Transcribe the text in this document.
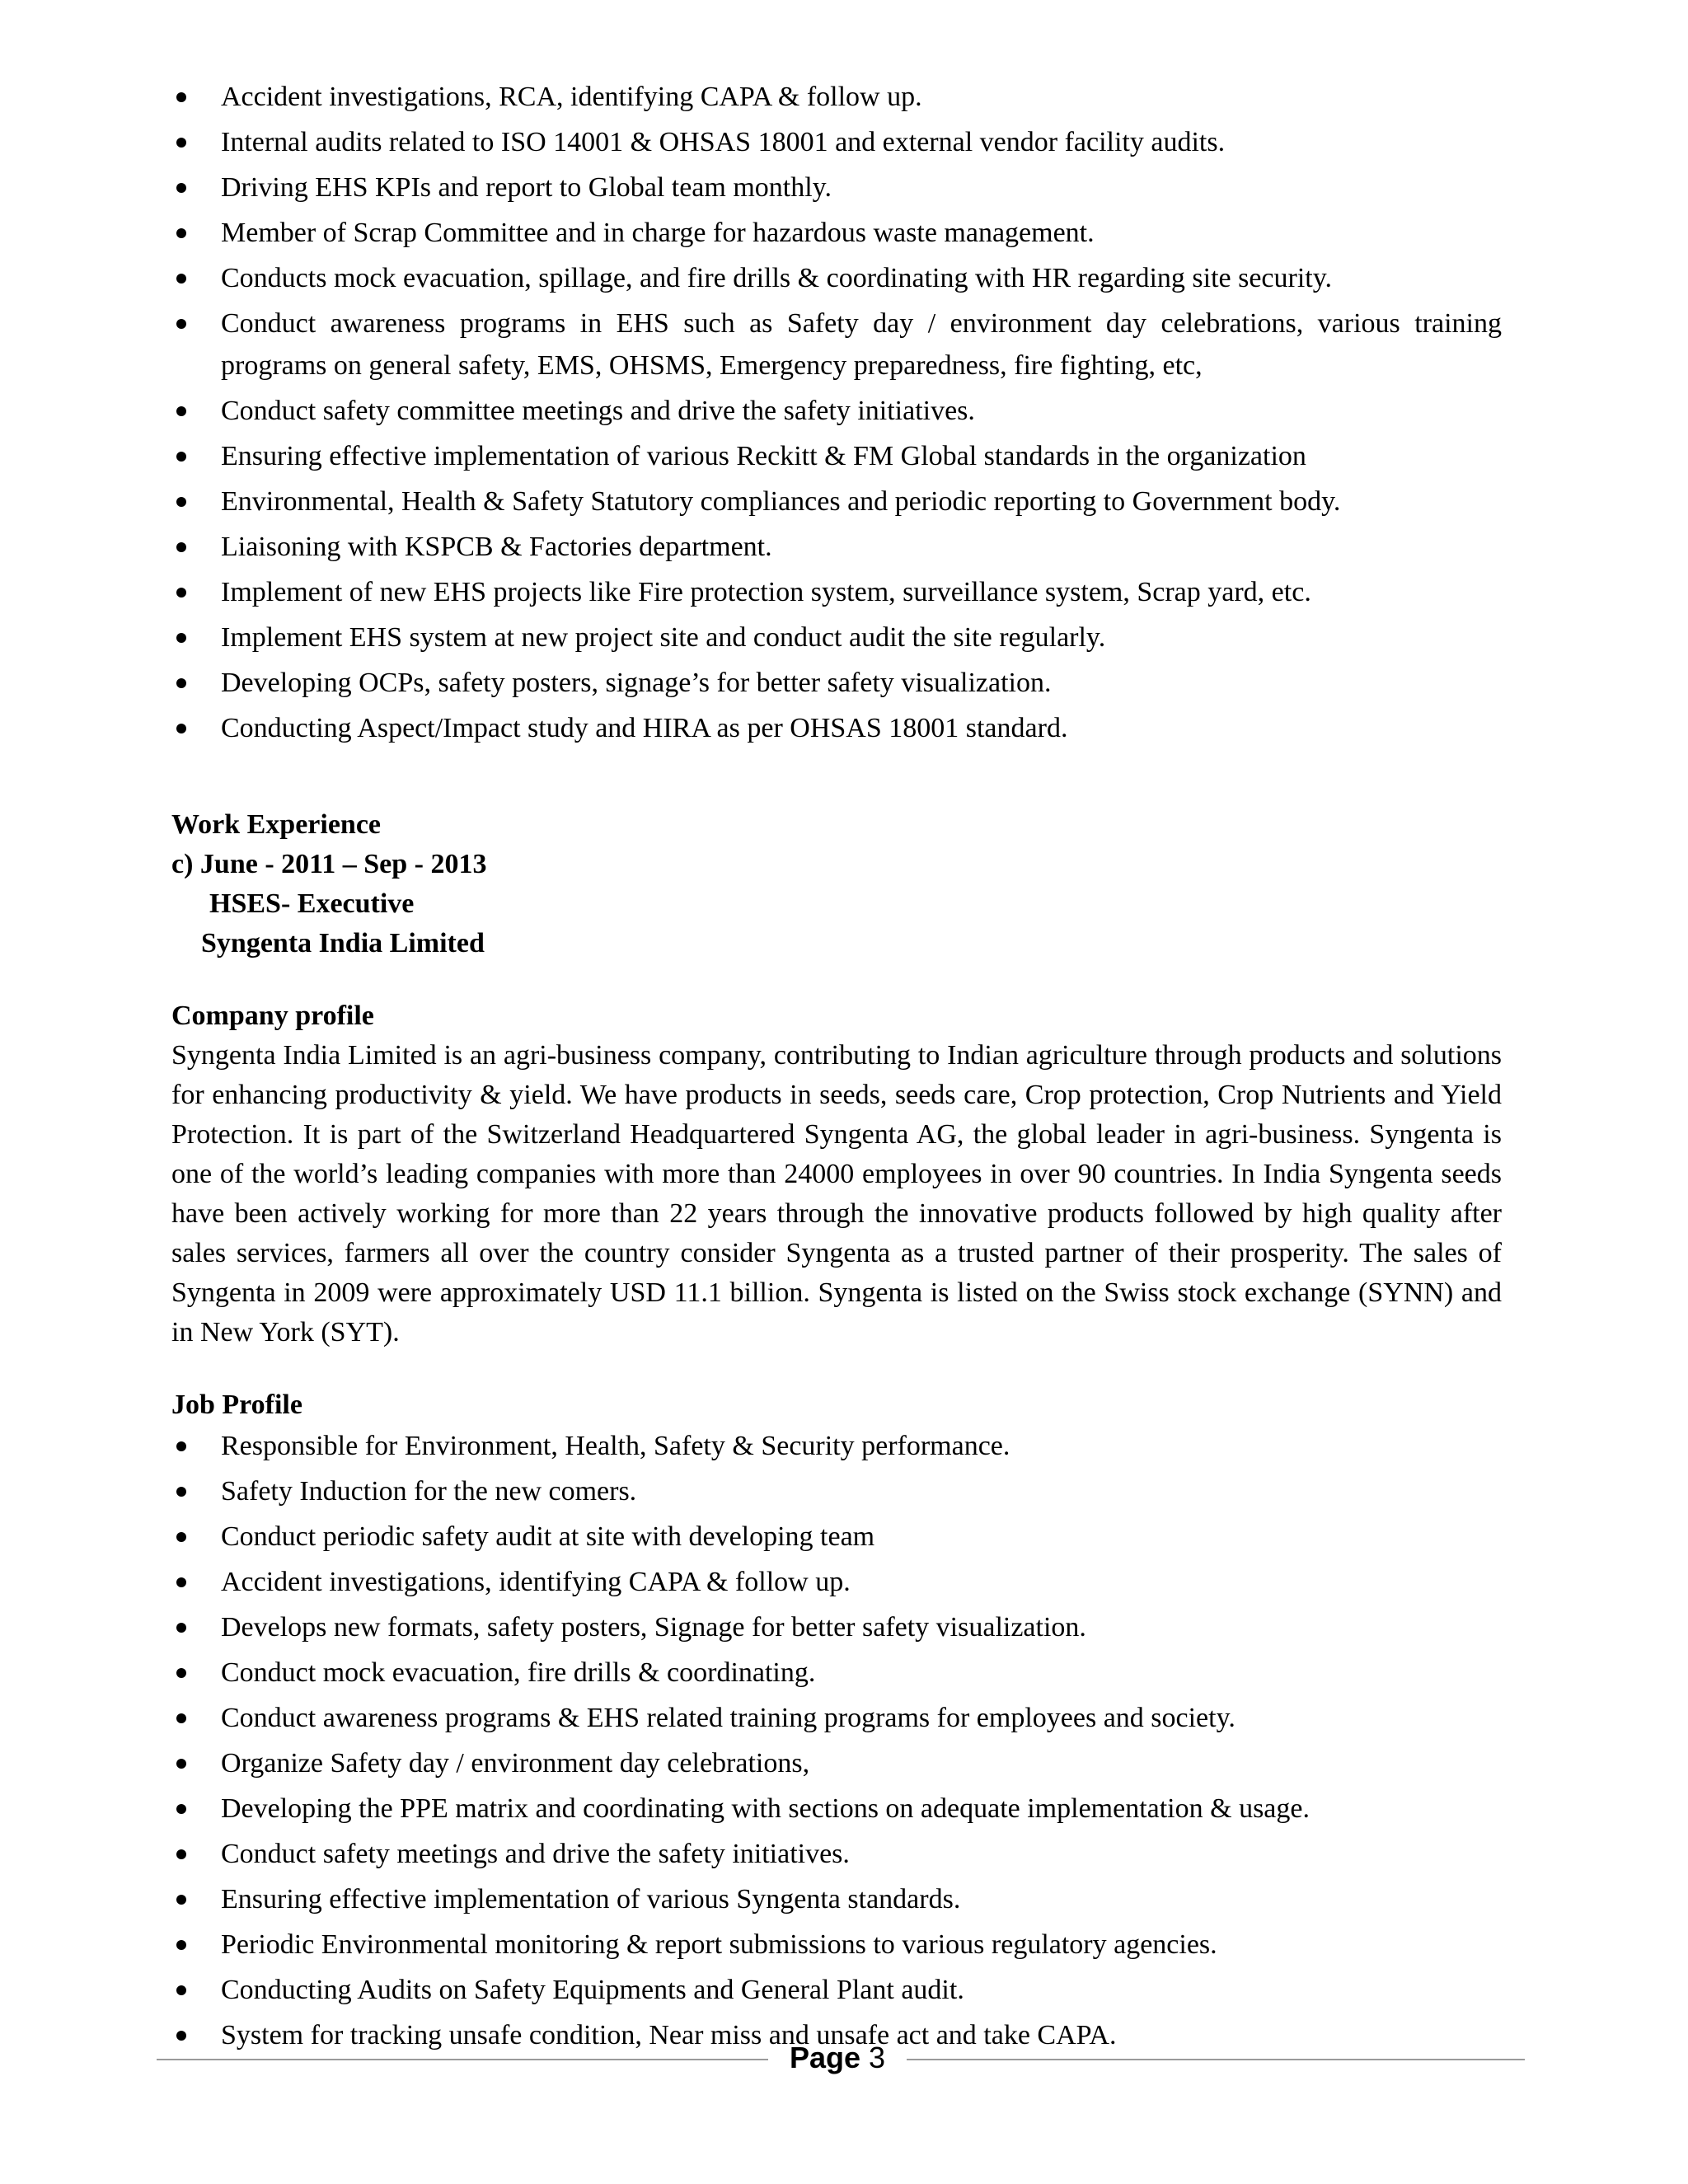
Accident investigations, RCA, identifying CAPA & follow up.
Internal audits related to ISO 14001 & OHSAS 18001 and external vendor facility audits.
Driving EHS KPIs and report to Global team monthly.
Member of Scrap Committee and in charge for hazardous waste management.
Conducts mock evacuation, spillage, and fire drills & coordinating with HR regarding site security.
Conduct awareness programs in EHS such as Safety day / environment day celebrations, various training programs on general safety, EMS, OHSMS, Emergency preparedness, fire fighting, etc,
Conduct safety committee meetings and drive the safety initiatives.
Ensuring effective implementation of various Reckitt & FM Global standards in the organization
Environmental, Health & Safety Statutory compliances and periodic reporting to Government body.
Liaisoning with KSPCB & Factories department.
Implement of new EHS projects like Fire protection system, surveillance system, Scrap yard, etc.
Implement EHS system at new project site and conduct audit the site regularly.
Developing OCPs, safety posters, signage’s for better safety visualization.
Conducting Aspect/Impact study and HIRA as per OHSAS 18001 standard.
Work Experience
c) June - 2011 – Sep - 2013
HSES- Executive
Syngenta India Limited
Company profile

Syngenta India Limited is an agri-business company, contributing to Indian agriculture through products and solutions for enhancing productivity & yield. We have products in seeds, seeds care, Crop protection, Crop Nutrients and Yield Protection. It is part of the Switzerland Headquartered Syngenta AG, the global leader in agri-business. Syngenta is one of the world’s leading companies with more than 24000 employees in over 90 countries. In India Syngenta seeds have been actively working for more than 22 years through the innovative products followed by high quality after sales services, farmers all over the country consider Syngenta as a trusted partner of their prosperity. The sales of Syngenta in 2009 were approximately USD 11.1 billion. Syngenta is listed on the Swiss stock exchange (SYNN) and in New York (SYT).

Job Profile
Responsible for Environment, Health, Safety & Security performance.
Safety Induction for the new comers.
Conduct periodic safety audit at site with developing team
Accident investigations, identifying CAPA & follow up.
Develops new formats, safety posters, Signage for better safety visualization.
Conduct mock evacuation, fire drills & coordinating.
Conduct awareness programs & EHS related training programs for employees and society.
Organize Safety day / environment day celebrations,
Developing the PPE matrix and coordinating with sections on adequate implementation & usage.
Conduct safety meetings and drive the safety initiatives.
Ensuring effective implementation of various Syngenta standards.
Periodic Environmental monitoring & report submissions to various regulatory agencies.
Conducting Audits on Safety Equipments and General Plant audit.
System for tracking unsafe condition, Near miss and unsafe act and take CAPA.
Page 3
